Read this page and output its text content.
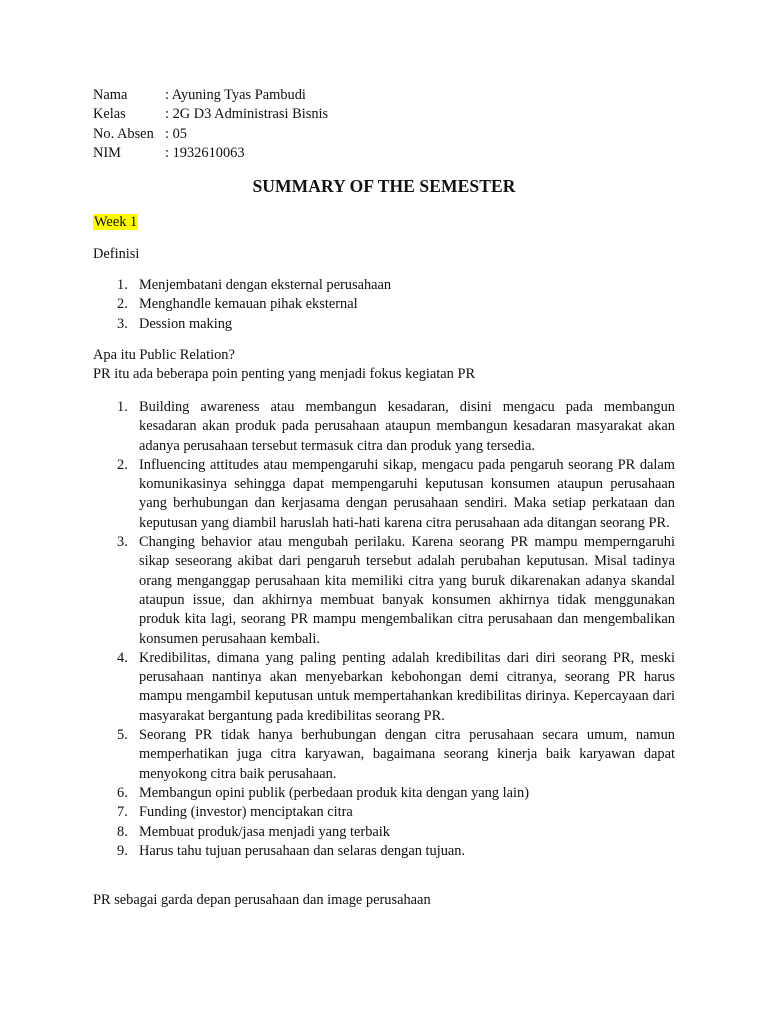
Nama	: Ayuning Tyas Pambudi
Kelas	: 2G D3 Administrasi Bisnis
No. Absen : 05
NIM	: 1932610063
SUMMARY OF THE SEMESTER
Week 1
Definisi
1. Menjembatani dengan eksternal perusahaan
2. Menghandle kemauan pihak eksternal
3. Dession making
Apa itu Public Relation?
PR itu ada beberapa poin penting yang menjadi fokus kegiatan PR
1. Building awareness atau membangun kesadaran, disini mengacu pada membangun kesadaran akan produk pada perusahaan ataupun membangun kesadaran masyarakat akan adanya perusahaan tersebut termasuk citra dan produk yang tersedia.
2. Influencing attitudes atau mempengaruhi sikap, mengacu pada pengaruh seorang PR dalam komunikasinya sehingga dapat mempengaruhi keputusan konsumen ataupun perusahaan yang berhubungan dan kerjasama dengan perusahaan sendiri. Maka setiap perkataan dan keputusan yang diambil haruslah hati-hati karena citra perusahaan ada ditangan seorang PR.
3. Changing behavior atau mengubah perilaku. Karena seorang PR mampu memperngaruhi sikap seseorang akibat dari pengaruh tersebut adalah perubahan keputusan. Misal tadinya orang menganggap perusahaan kita memiliki citra yang buruk dikarenakan adanya skandal ataupun issue, dan akhirnya membuat banyak konsumen akhirnya tidak menggunakan produk kita lagi, seorang PR mampu mengembalikan citra perusahaan dan mengembalikan konsumen perusahaan kembali.
4. Kredibilitas, dimana yang paling penting adalah kredibilitas dari diri seorang PR, meski perusahaan nantinya akan menyebarkan kebohongan demi citranya, seorang PR harus mampu mengambil keputusan untuk mempertahankan kredibilitas dirinya. Kepercayaan dari masyarakat bergantung pada kredibilitas seorang PR.
5. Seorang PR tidak hanya berhubungan dengan citra perusahaan secara umum, namun memperhatikan juga citra karyawan, bagaimana seorang kinerja baik karyawan dapat menyokong citra baik perusahaan.
6. Membangun opini publik (perbedaan produk kita dengan yang lain)
7. Funding (investor) menciptakan citra
8. Membuat produk/jasa menjadi yang terbaik
9. Harus tahu tujuan perusahaan dan selaras dengan tujuan.
PR sebagai garda depan perusahaan dan image perusahaan
